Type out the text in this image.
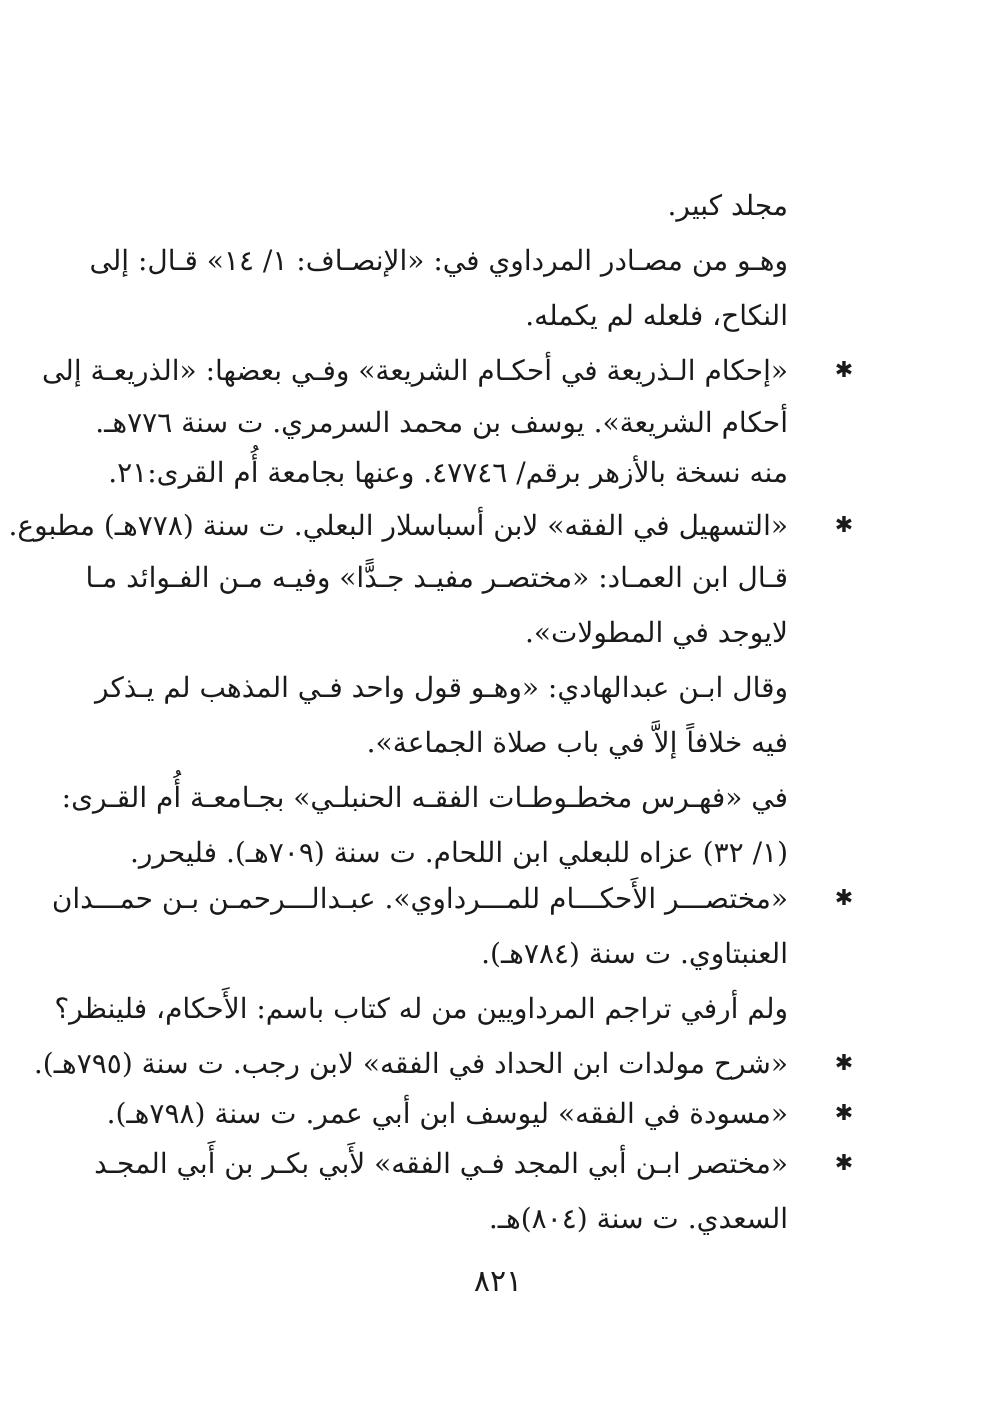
مجلد كبير.
وهـو من مصـادر المرداوي في: «الإنصـاف: ١/ ١٤» قـال: إلى
النكاح، فلعله لم يكمله.
✱
«إحكام الـذريعة في أحكـام الشريعة» وفـي بعضها: «الذريعـة إلى
أحكام الشريعة». يوسف بن محمد السرمري. ت سنة ٧٧٦هـ.
منه نسخة بالأزهر برقم/ ٤٧٧٤٦. وعنها بجامعة أُم القرى:٢١.
✱
«التسهيل في الفقه» لابن أسباسلار البعلي. ت سنة (٧٧٨هـ) مطبوع.
قـال ابن العمـاد: «مختصـر مفيـد جـدًّا» وفيـه مـن الفـوائد مـا
لايوجد في المطولات».
وقال ابـن عبدالهادي: «وهـو قول واحد فـي المذهب لم يـذكر
فيه خلافاً إلاَّ في باب صلاة الجماعة».
في «فهـرس مخطـوطـات الفقـه الحنبلـي» بجـامعـة أُم القـرى:
(١/ ٣٢) عزاه للبعلي ابن اللحام. ت سنة (٧٠٩هـ). فليحرر.
✱
«مختصـــر الأَحكـــام للمـــرداوي». عبـدالـــرحمـن بـن حمـــدان
العنبتاوي. ت سنة (٧٨٤هـ).
ولم أرفي تراجم المرداويين من له كتاب باسم: الأَحكام، فلينظر؟
✱
«شرح مولدات ابن الحداد في الفقه» لابن رجب. ت سنة (٧٩٥هـ).
✱
«مسودة في الفقه» ليوسف ابن أبي عمر. ت سنة (٧٩٨هـ).
✱
«مختصر ابـن أبي المجد فـي الفقه» لأَبي بكـر بن أَبي المجـد
السعدي. ت سنة (٨٠٤)هـ.
٨٢١
